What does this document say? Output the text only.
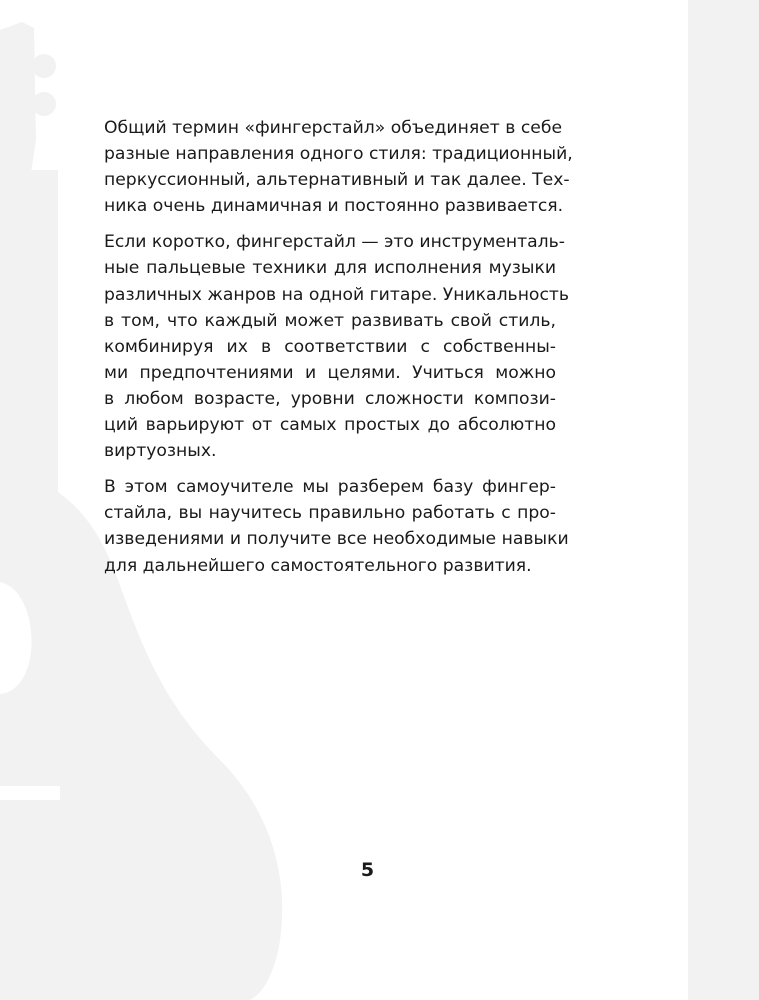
Общий термин «фингерстайл» объединяет в себе
разные направления одного стиля: традиционный,
перкуссионный, альтернативный и так далее. Тех-
ника очень динамичная и постоянно развивается.

Если коротко, фингерстайл — это инструменталь-
ные пальцевые техники для исполнения музыки
различных жанров на одной гитаре. Уникальность
в том, что каждый может развивать свой стиль,
комбинируя их в соответствии с собственны-
ми предпочтениями и целями. Учиться можно
в любом возрасте, уровни сложности компози-
ций варьируют от самых простых до абсолютно
виртуозных.

В этом самоучителе мы разберем базу фингер-
стайла, вы научитесь правильно работать с про-
изведениями и получите все необходимые навыки
для дальнейшего самостоятельного развития.

5
